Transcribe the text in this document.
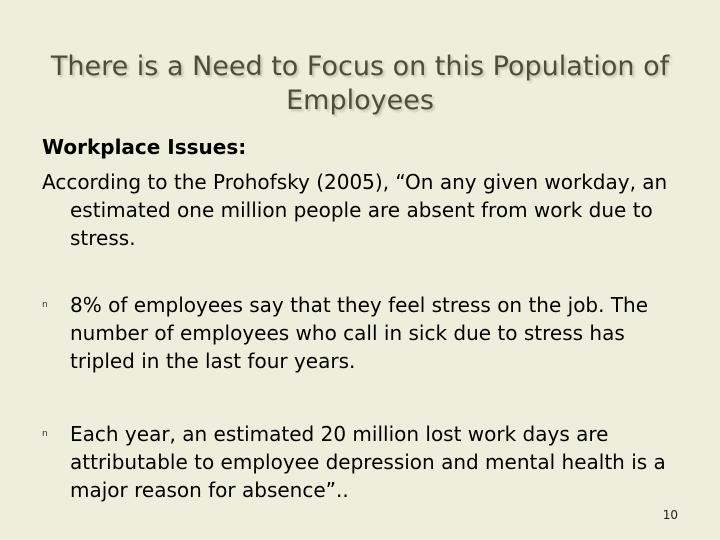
There is a Need to Focus on this Population of Employees
Workplace Issues:
According to the Prohofsky (2005), “On any given workday, an estimated one million people are absent from work due to stress.
n	8% of employees say that they feel stress on the job. The number of employees who call in sick due to stress has tripled in the last four years.
n	Each year, an estimated 20 million lost work days are attributable to employee depression and mental health is a major reason for absence”..
10
